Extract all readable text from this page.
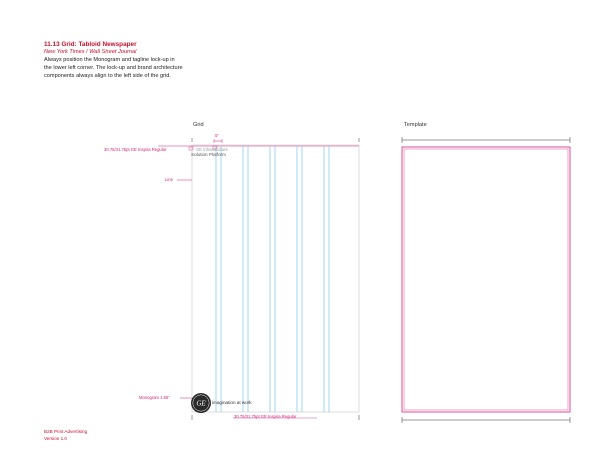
11.13 Grid: Tabloid Newspaper
New York Times / Wall Street Journal
Always position the Monogram and tagline lock-up in
the lower left corner. The lock-up and brand architecture
components always align to the left side of the grid.
GE
Grid
.5"
30.75/31.75pt GE Inspira Regular
Line
GE Infrastructure
Solution Platform
Monogram 1.65"
imagination at work
30.75/31.75pt GE Inspira Regular
Template
B2B Print Advertising
Version 1.0
